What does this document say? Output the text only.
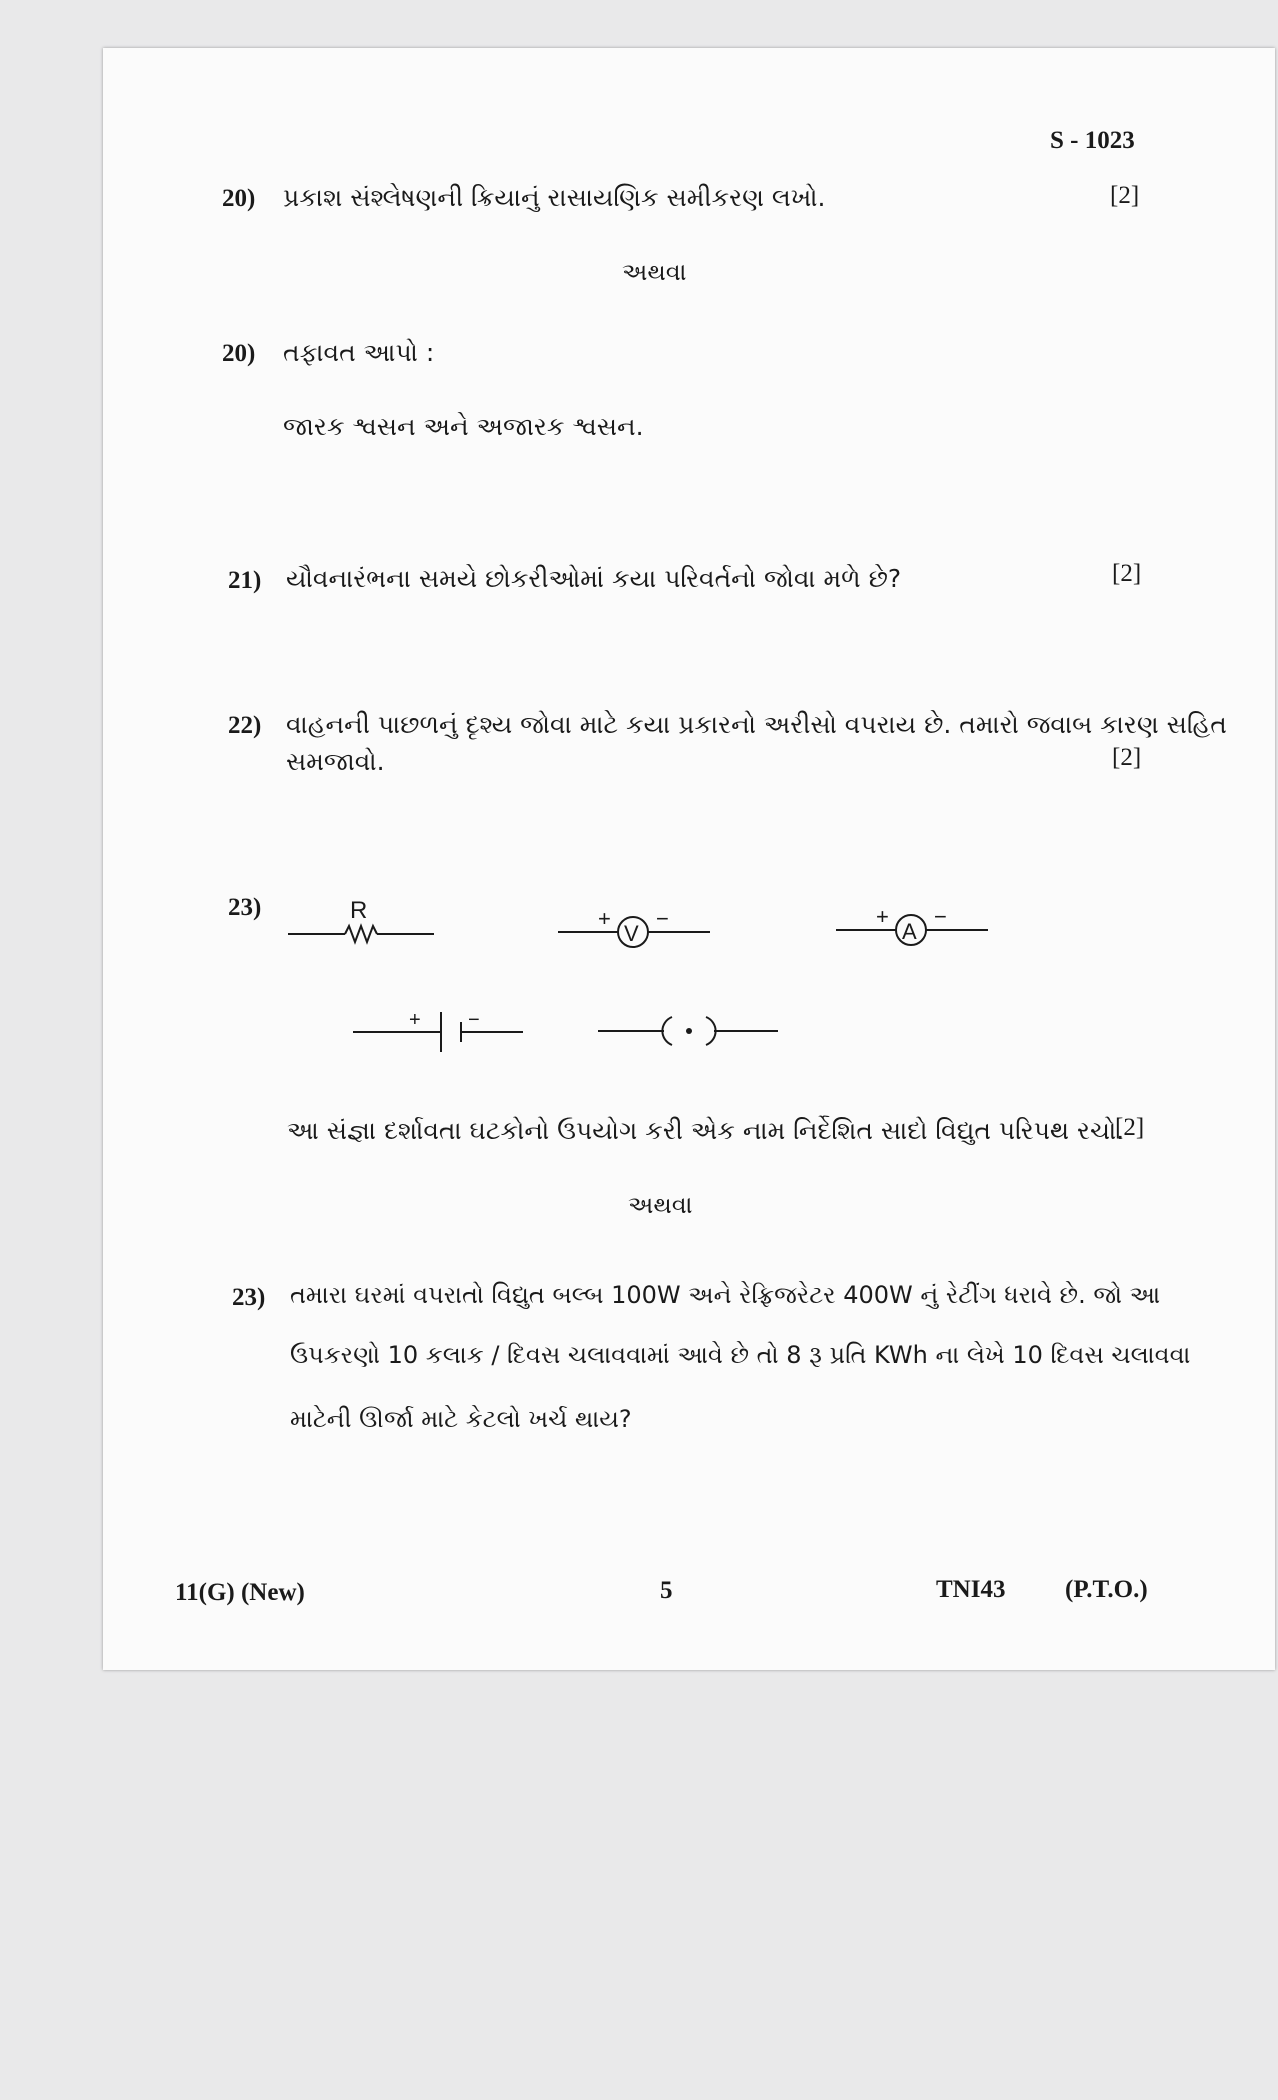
S - 1023
20) પ્રકાશ સંશ્લેષણની ક્રિયાનું રાસાયણિક સમીકરણ લખો.	[2]
અથવા
20) તફાવત આપો :
જારક શ્વસન અને અજારક શ્વસન.
21) યૌવનારંભના સમયે છોકરીઓમાં કયા પરિવર્તનો જોવા મળે છે?	[2]
22) વાહનની પાછળનું દૃશ્ય જોવા માટે કયા પ્રકારનો અરીસો વપરાય છે. તમારો જવાબ કારણ સહિત
સમજાવો.	[2]
23)	R
V
+ −
A
+ −
+ −
આ સંજ્ઞા દર્શાવતા ઘટકોનો ઉપયોગ કરી એક નામ નિર્દેશિત સાદો વિદ્યુત પરિપથ રચો.
[2]
અથવા
23) તમારા ઘરમાં વપરાતો વિદ્યુત બલ્બ 100W અને રેફ્રિજરેટર 400W નું રેટીંગ ધરાવે છે. જો આ
ઉપકરણો 10 કલાક / દિવસ ચલાવવામાં આવે છે તો 8 રૂ પ્રતિ KWh ના લેખે 10 દિવસ ચલાવવા
માટેની ઊર્જા માટે કેટલો ખર્ચ થાય?
11(G) (New)	5	TNI43 (P.T.O.)
